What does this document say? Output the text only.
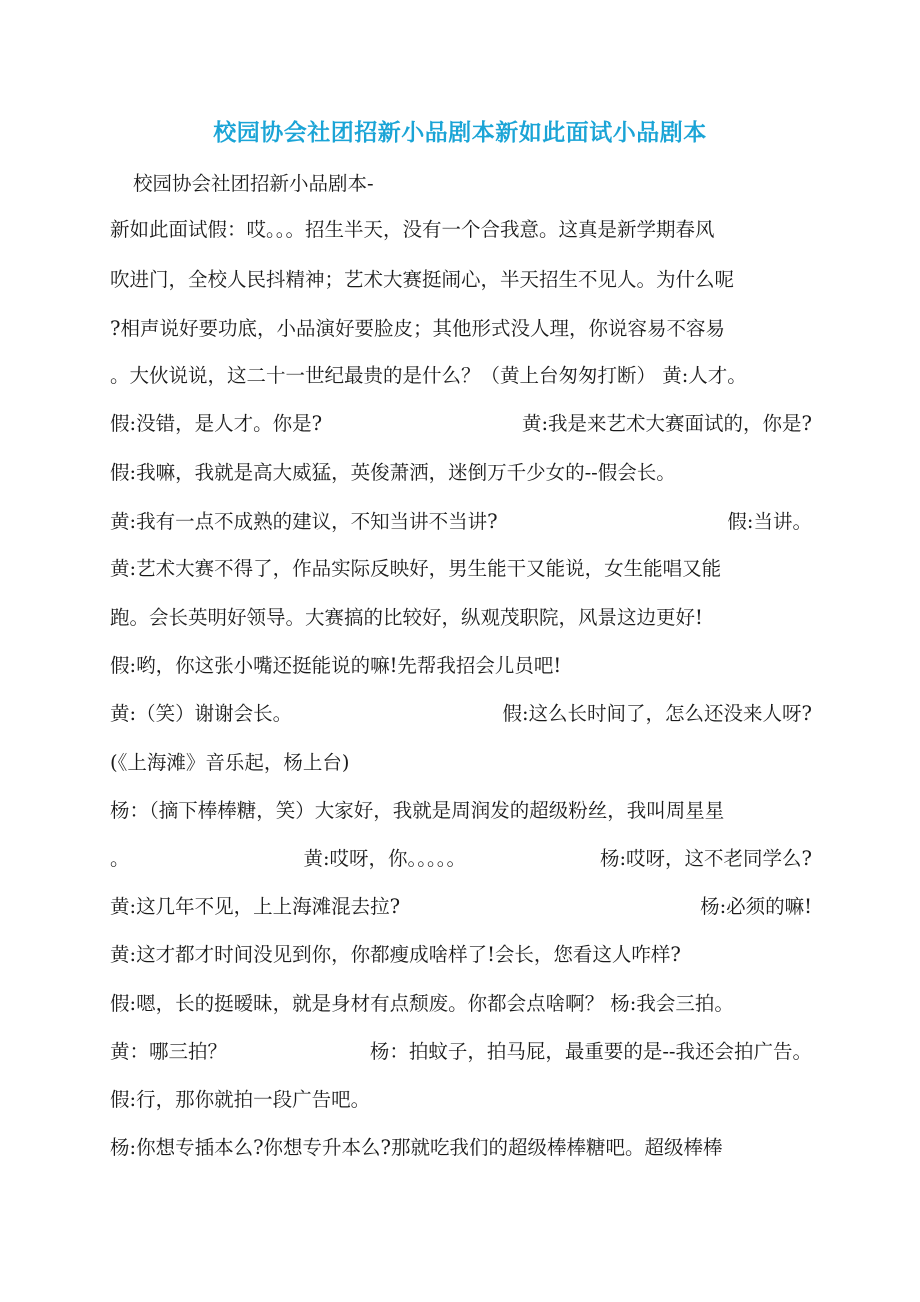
校园协会社团招新小品剧本新如此面试小品剧本
校园协会社团招新小品剧本-
新如此面试假：哎。。。招生半天，没有一个合我意。这真是新学期春风
吹进门，全校人民抖精神；艺术大赛挺闹心，半天招生不见人。为什么呢
?相声说好要功底，小品演好要脸皮；其他形式没人理，你说容易不容易
。大伙说说，这二十一世纪最贵的是什么？（黄上台匆匆打断） 黄:人才。
假:没错，是人才。你是?	黄:我是来艺术大赛面试的，你是?
假:我嘛，我就是高大威猛，英俊萧洒，迷倒万千少女的--假会长。
黄:我有一点不成熟的建议，不知当讲不当讲?	假:当讲。
黄:艺术大赛不得了，作品实际反映好，男生能干又能说，女生能唱又能
跑。会长英明好领导。大赛搞的比较好，纵观茂职院，风景这边更好!
假:哟，你这张小嘴还挺能说的嘛!先帮我招会儿员吧!
黄:（笑）谢谢会长。	假:这么长时间了，怎么还没来人呀?
(《上海滩》音乐起，杨上台)
杨：（摘下棒棒糖，笑）大家好，我就是周润发的超级粉丝，我叫周星星
。	黄:哎呀，你。。。。。	杨:哎呀，这不老同学么?
黄:这几年不见，上上海滩混去拉?	杨:必须的嘛!
黄:这才都才时间没见到你，你都瘦成啥样了!会长，您看这人咋样?
假:嗯，长的挺暧昧，就是身材有点颓废。你都会点啥啊？ 杨:我会三拍。
黄：哪三拍？	杨：拍蚊子，拍马屁，最重要的是--我还会拍广告。
假:行，那你就拍一段广告吧。
杨:你想专插本么?你想专升本么?那就吃我们的超级棒棒糖吧。超级棒棒
